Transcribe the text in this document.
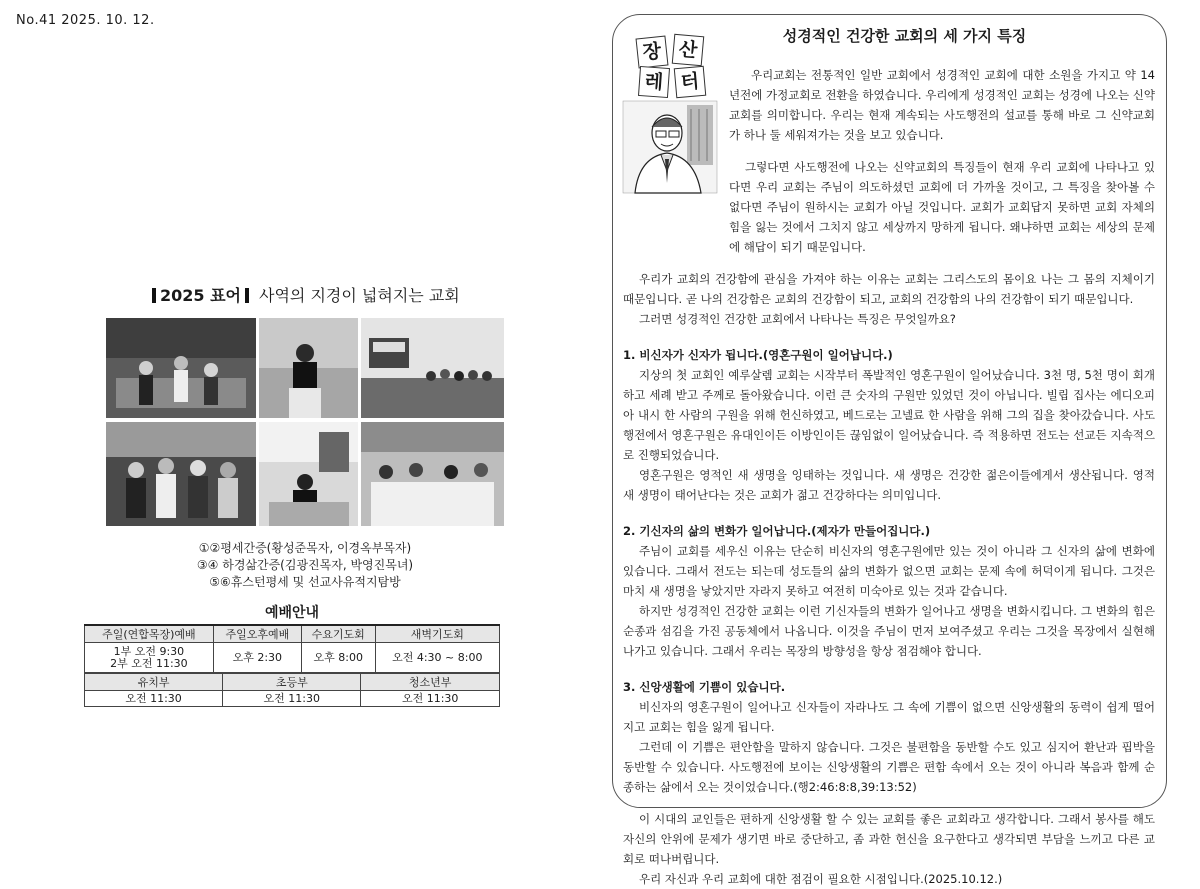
No.41 2025. 10. 12.
2025 표어 사역의 지경이 넓혀지는 교회
①②평세간증(황성준목자, 이경옥부목자)
③④ 하경삶간증(김광진목자, 박영진목녀)
⑤⑥휴스턴평세 및 선교사유적지탐방
예배안내
주일(연합목장)예배	주일오후예배	수요기도회	새벽기도회
1부 오전 9:30
2부 오전 11:30	오후 2:30	오후 8:00	오전 4:30 ~ 8:00
유치부	초등부	청소년부
오전 11:30	오전 11:30	오전 11:30
성경적인 건강한 교회의 세 가지 특징
장 산
레 터	우리교회는 전통적인 일반 교회에서 성경적인 교회에 대한 소원을 가지고 약 14년전에 가정교회로 전환을 하였습니다. 우리에게 성경적인 교회는 성경에 나오는 신약교회를 의미합니다. 우리는 현재 계속되는 사도행전의 설교를 통해 바로 그 신약교회가 하나 둘 세워져가는 것을 보고 있습니다.

그렇다면 사도행전에 나오는 신약교회의 특징들이 현재 우리 교회에 나타나고 있다면 우리 교회는 주님이 의도하셨던 교회에 더 가까울 것이고, 그 특징을 찾아볼 수 없다면 주님이 원하시는 교회가 아닐 것입니다. 교회가 교회답지 못하면 교회 자체의 힘을 잃는 것에서 그치지 않고 세상까지 망하게 됩니다. 왜냐하면 교회는 세상의 문제에 해답이 되기 때문입니다.

우리가 교회의 건강함에 관심을 가져야 하는 이유는 교회는 그리스도의 몸이요 나는 그 몸의 지체이기 때문입니다. 곧 나의 건강함은 교회의 건강함이 되고, 교회의 건강함의 나의 건강함이 되기 때문입니다.

그러면 성경적인 건강한 교회에서 나타나는 특징은 무엇일까요?

1. 비신자가 신자가 됩니다.(영혼구원이 일어납니다.)

지상의 첫 교회인 예루살렘 교회는 시작부터 폭발적인 영혼구원이 일어났습니다. 3천 명, 5천 명이 회개하고 세례 받고 주께로 돌아왔습니다. 이런 큰 숫자의 구원만 있었던 것이 아닙니다. 빌립 집사는 에디오피아 내시 한 사람의 구원을 위해 헌신하였고, 베드로는 고넬료 한 사람을 위해 그의 집을 찾아갔습니다. 사도행전에서 영혼구원은 유대인이든 이방인이든 끊임없이 일어났습니다. 즉 적용하면 전도는 선교든 지속적으로 진행되었습니다.

영혼구원은 영적인 새 생명을 잉태하는 것입니다. 새 생명은 건강한 젊은이들에게서 생산됩니다. 영적 새 생명이 태어난다는 것은 교회가 젊고 건강하다는 의미입니다.

2. 기신자의 삶의 변화가 일어납니다.(제자가 만들어집니다.)

주님이 교회를 세우신 이유는 단순히 비신자의 영혼구원에만 있는 것이 아니라 그 신자의 삶에 변화에 있습니다. 그래서 전도는 되는데 성도들의 삶의 변화가 없으면 교회는 문제 속에 허덕이게 됩니다. 그것은 마치 새 생명을 낳았지만 자라지 못하고 여전히 미숙아로 있는 것과 같습니다.

하지만 성경적인 건강한 교회는 이런 기신자들의 변화가 일어나고 생명을 변화시킵니다. 그 변화의 힘은 순종과 섬김을 가진 공동체에서 나옵니다. 이것을 주님이 먼저 보여주셨고 우리는 그것을 목장에서 실현해나가고 있습니다. 그래서 우리는 목장의 방향성을 항상 점검해야 합니다.

3. 신앙생활에 기쁨이 있습니다.

비신자의 영혼구원이 일어나고 신자들이 자라나도 그 속에 기쁨이 없으면 신앙생활의 동력이 쉽게 떨어지고 교회는 힘을 잃게 됩니다.

그런데 이 기쁨은 편안함을 말하지 않습니다. 그것은 불편함을 동반할 수도 있고 심지어 환난과 핍박을 동반할 수 있습니다. 사도행전에 보이는 신앙생활의 기쁨은 편함 속에서 오는 것이 아니라 복음과 함께 순종하는 삶에서 오는 것이었습니다.(행2:46:8:8,39:13:52)

이 시대의 교인들은 편하게 신앙생활 할 수 있는 교회를 좋은 교회라고 생각합니다. 그래서 봉사를 해도 자신의 안위에 문제가 생기면 바로 중단하고, 좀 과한 헌신을 요구한다고 생각되면 부담을 느끼고 다른 교회로 떠나버립니다.

우리 자신과 우리 교회에 대한 점검이 필요한 시점입니다.(2025.10.12.)
